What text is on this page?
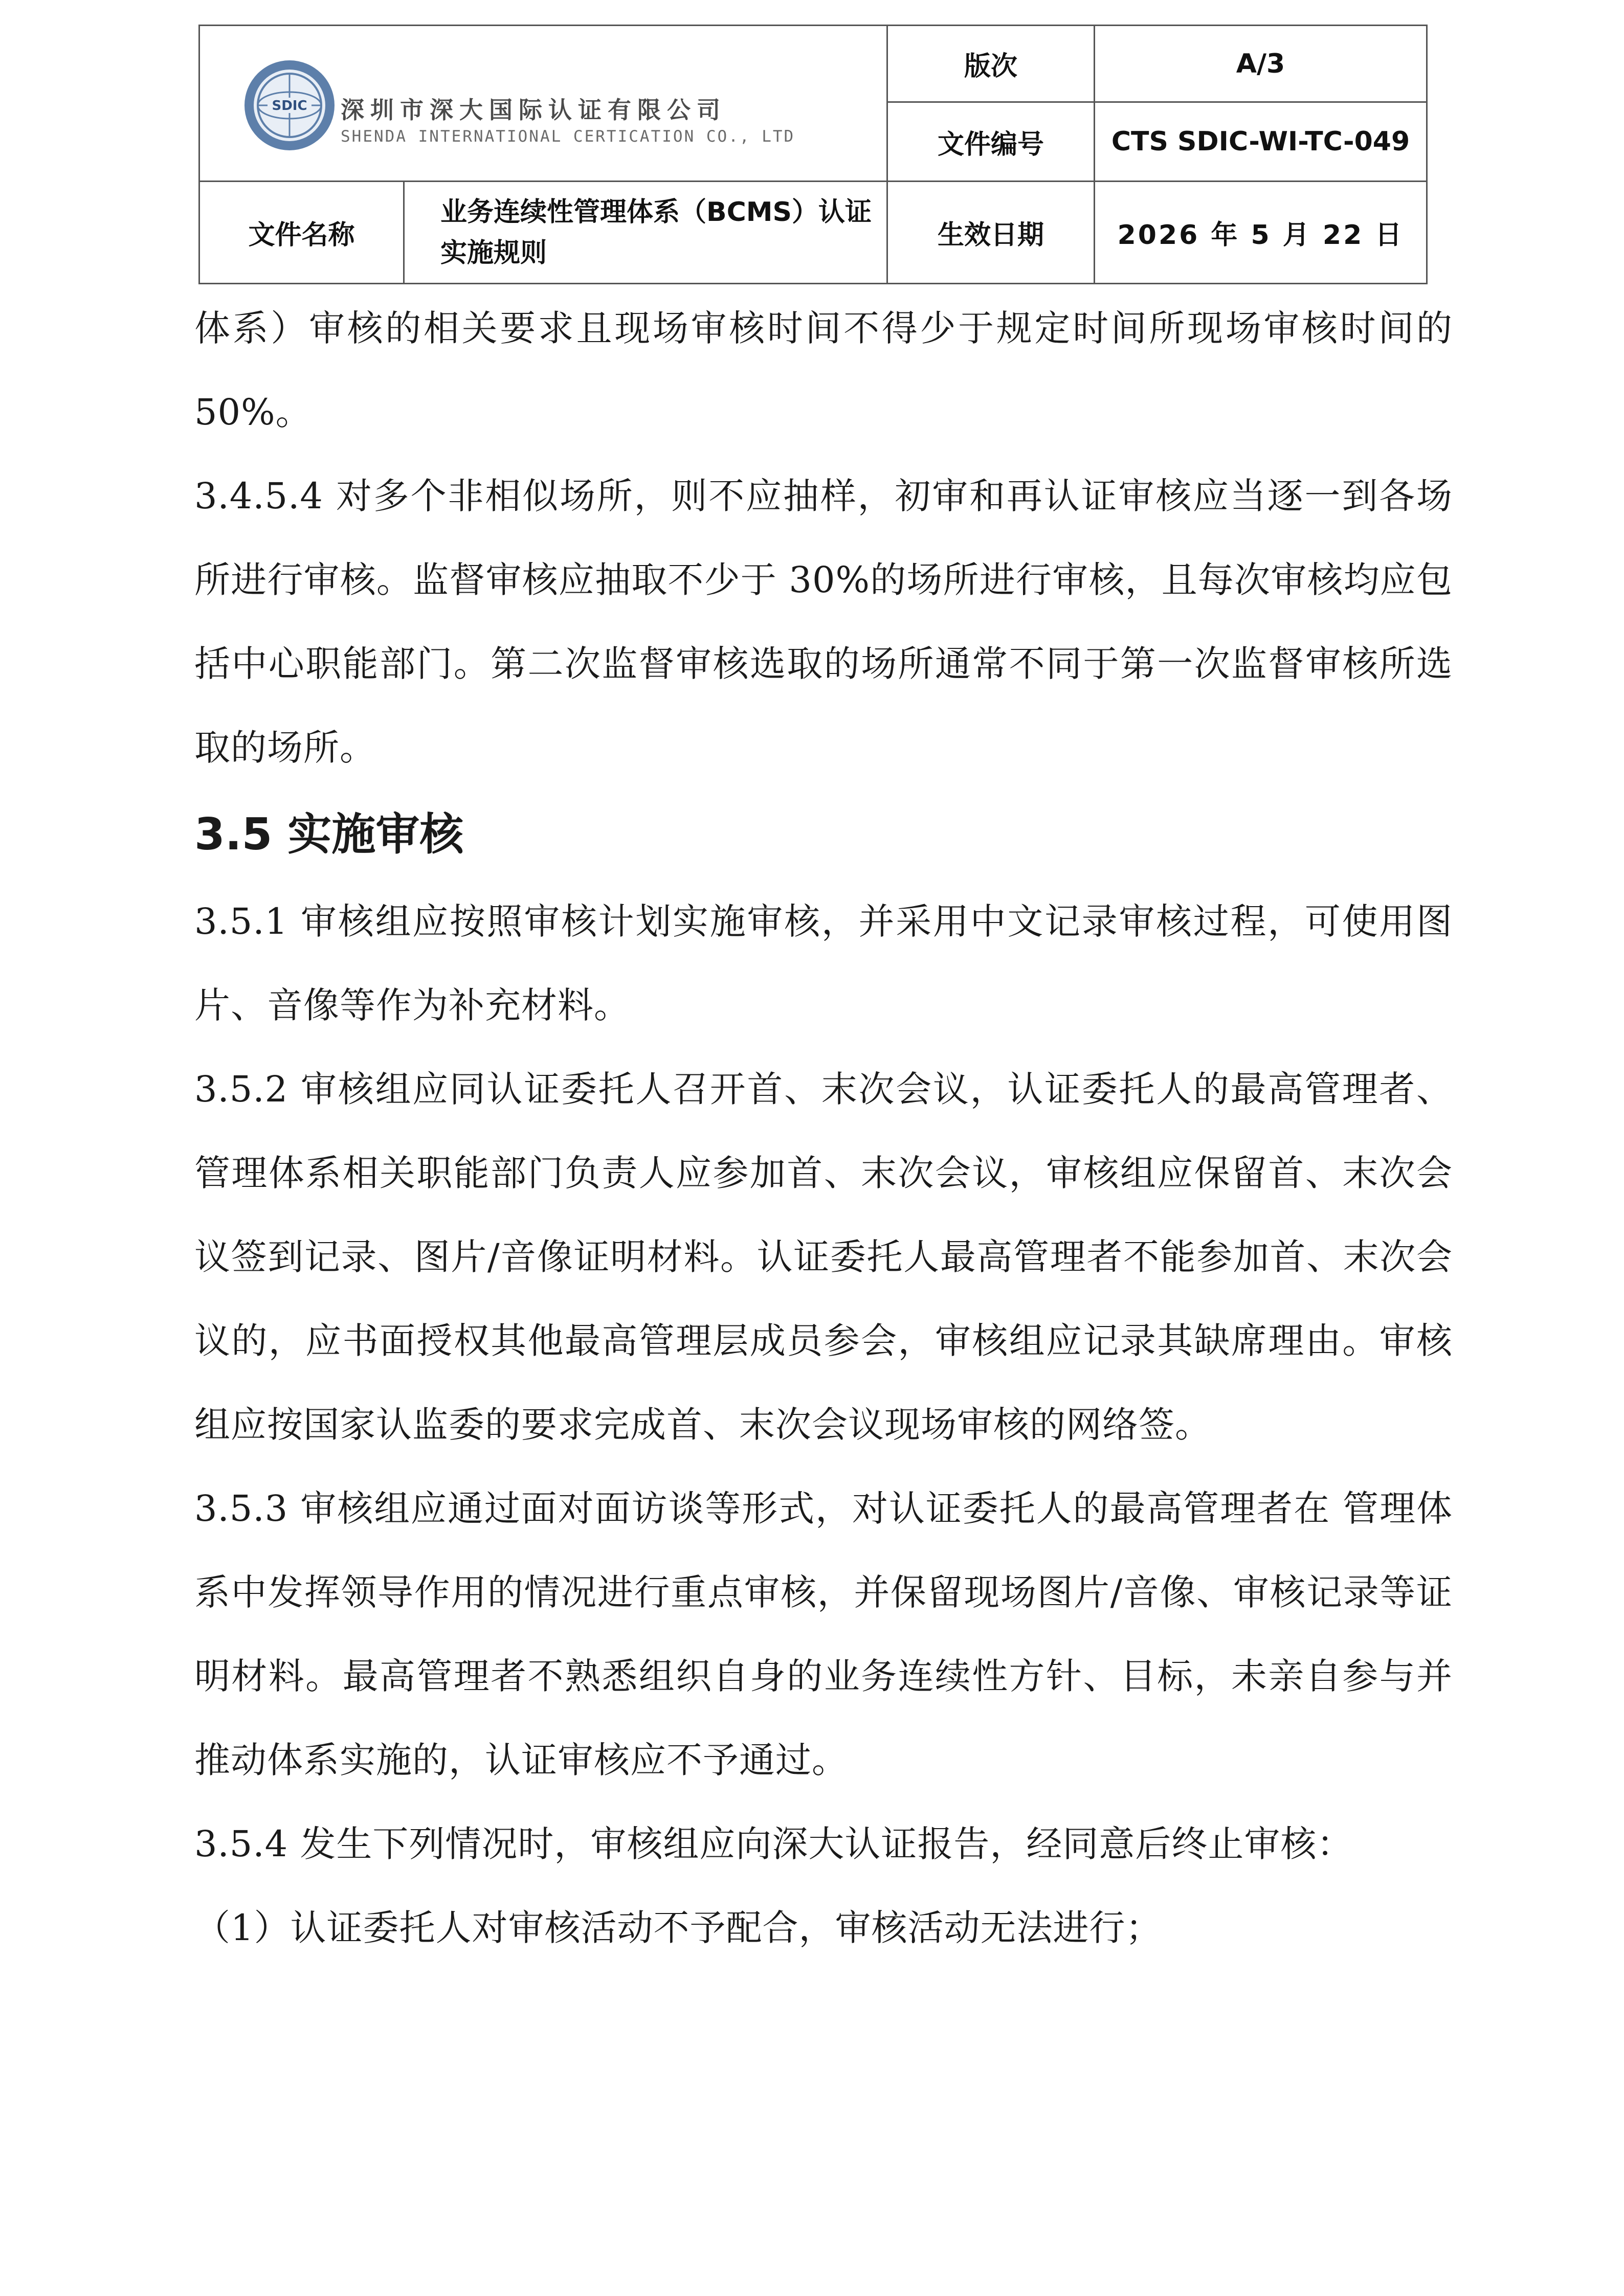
SDIC 深圳市深大国际认证有限公司
SHENDA INTERNATIONAL CERTICATION CO., LTD		版次	A/3
		文件编号	CTS SDIC-WI-TC-049
文件名称	业务连续性管理体系（BCMS）认证实施规则	生效日期	2026 年 5 月 22 日

体系）审核的相关要求且现场审核时间不得少于规定时间所现场审核时间的 50%。

3.4.5.4 对多个非相似场所，则不应抽样，初审和再认证审核应当逐一到各场所进行审核。监督审核应抽取不少于 30%的场所进行审核，且每次审核均应包括中心职能部门。第二次监督审核选取的场所通常不同于第一次监督审核所选取的场所。

3.5 实施审核

3.5.1 审核组应按照审核计划实施审核，并采用中文记录审核过程，可使用图片、音像等作为补充材料。

3.5.2 审核组应同认证委托人召开首、末次会议，认证委托人的最高管理者、管理体系相关职能部门负责人应参加首、末次会议，审核组应保留首、末次会议签到记录、图片/音像证明材料。认证委托人最高管理者不能参加首、末次会议的，应书面授权其他最高管理层成员参会，审核组应记录其缺席理由。审核组应按国家认监委的要求完成首、末次会议现场审核的网络签。

3.5.3 审核组应通过面对面访谈等形式，对认证委托人的最高管理者在 管理体系中发挥领导作用的情况进行重点审核，并保留现场图片/音像、审核记录等证明材料。最高管理者不熟悉组织自身的业务连续性方针、目标，未亲自参与并推动体系实施的，认证审核应不予通过。

3.5.4 发生下列情况时，审核组应向深大认证报告，经同意后终止审核：

（1）认证委托人对审核活动不予配合，审核活动无法进行；
